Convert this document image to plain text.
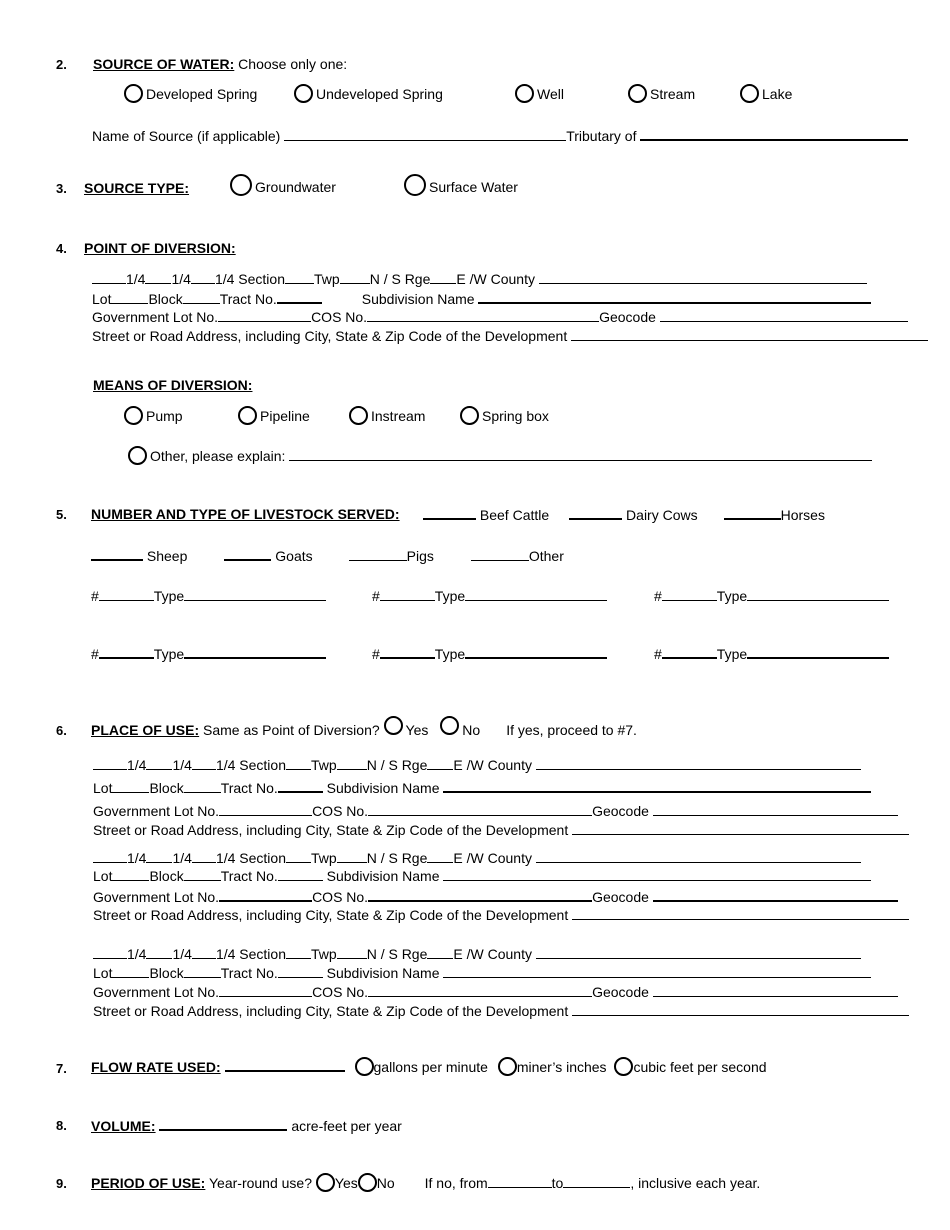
2. SOURCE OF WATER: Choose only one:
Developed Spring	Undeveloped Spring	Well	Stream	Lake
Name of Source (if applicable)	Tributary of
3. SOURCE TYPE:	Groundwater	Surface Water
4. POINT OF DIVERSION:
1/4 1/4 1/4 Section Twp N / S Rge E /W County
Lot	Block	Tract No.	Subdivision Name
Government Lot No.	COS No.	Geocode
Street or Road Address, including City, State & Zip Code of the Development
MEANS OF DIVERSION:
Pump	Pipeline	Instream	Spring box
Other, please explain:
5. NUMBER AND TYPE OF LIVESTOCK SERVED:	Beef Cattle	Dairy Cows	Horses
Sheep	Goats	Pigs	Other
#	Type	#	Type	#	Type
#	Type	#	Type	#	Type
6. PLACE OF USE: Same as Point of Diversion? Yes No If yes, proceed to #7.
1/4 1/4 1/4 Section Twp N / S Rge E /W County
Lot	Block	Tract No.	Subdivision Name
Government Lot No.	COS No.	Geocode
Street or Road Address, including City, State & Zip Code of the Development
1/4 1/4 1/4 Section Twp N / S Rge E /W County
Lot	Block	Tract No.	Subdivision Name
Government Lot No.	COS No.	Geocode
Street or Road Address, including City, State & Zip Code of the Development
1/4 1/4 1/4 Section Twp N / S Rge E /W County
Lot	Block	Tract No.	Subdivision Name
Government Lot No.	COS No.	Geocode
Street or Road Address, including City, State & Zip Code of the Development
7. FLOW RATE USED:	gallons per minute miner’s inches cubic feet per second
8. VOLUME:	acre-feet per year
9. PERIOD OF USE: Year-round use? Yes No If no, from	to	, inclusive each year.
